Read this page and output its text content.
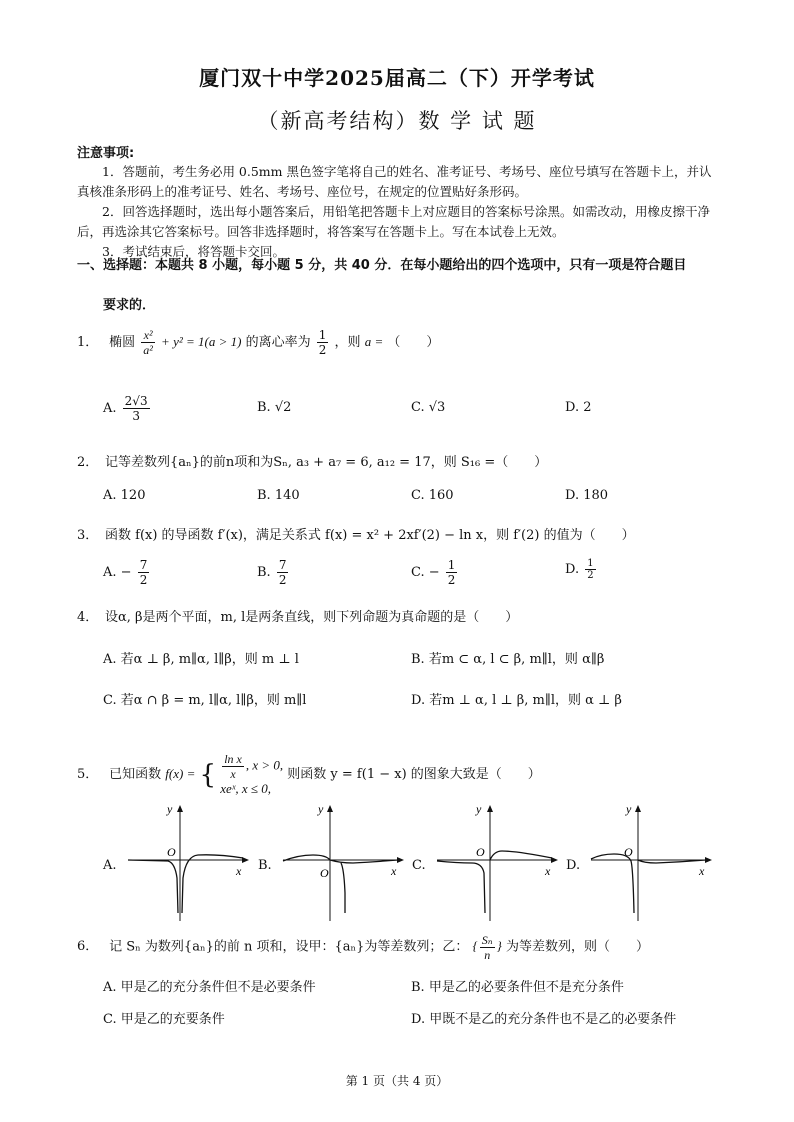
厦门双十中学2025届高二（下）开学考试
（新高考结构）数 学 试 题
注意事项:

1．答题前，考生务必用 0.5mm 黑色签字笔将自己的姓名、准考证号、考场号、座位号填写在答题卡上，并认真核准条形码上的准考证号、姓名、考场号、座位号，在规定的位置贴好条形码。

2．回答选择题时，选出每小题答案后，用铅笔把答题卡上对应题目的答案标号涂黑。如需改动，用橡皮擦干净后，再选涂其它答案标号。回答非选择题时，将答案写在答题卡上。写在本试卷上无效。

3．考试结束后，将答题卡交回。

一、选择题：本题共 8 小题，每小题 5 分，共 40 分．在每小题给出的四个选项中，只有一项是符合题目
要求的．
1． 椭圆 $\frac{\text{x²}}{\text{a²}} + y^2 = 1(a > 1)$ 的离心率为 $\frac{1}{2}$ ，则 a = （　　）
A. $\frac{2√3}{3}$	B. √2	C. √3	D. 2
2． 记等差数列{aₙ}的前n项和为Sₙ, a₃ + a₇ = 6, a₁₂ = 17，则 S₁₆ =（　　）
A. 120	B. 140	C. 160	D. 180
3． 函数 f(x) 的导函数 f′(x)，满足关系式 f(x) = x² + 2xf′(2) − ln x，则 f′(2) 的值为（　　）
A. − $\frac{7}{2}$	B. $\frac{7}{2}$	C. − $\frac{1}{2}$	D. $\frac{1}{2}$
4． 设α, β是两个平面，m, l是两条直线，则下列命题为真命题的是（　　）
A. 若α ⊥ β, m∥α, l∥β，则 m ⊥ l	B. 若m ⊂ α, l ⊂ β, m∥l，则 α∥β
C. 若α ∩ β = m, l∥α, l∥β，则 m∥l	D. 若m ⊥ α, l ⊥ β, m∥l，则 α ⊥ β
5． 已知函数 f(x) = { $\frac{\text{ln x}}{x}$ , x > 0,
xeˣ, x ≤ 0,
则函数 y = f(1 − x) 的图象大致是（　　）
A.	B.	C.	D.
y
O
x
y
O	x
y
O
x
y
O
x
6． 记 Sₙ 为数列{aₙ}的前 n 项和，设甲：{aₙ}为等差数列；乙： { $\frac{\text{Sₙ}}{n}$ } 为等差数列，则（　　）
A. 甲是乙的充分条件但不是必要条件	B. 甲是乙的必要条件但不是充分条件
C. 甲是乙的充要条件	D. 甲既不是乙的充分条件也不是乙的必要条件
第 1 页（共 4 页）
